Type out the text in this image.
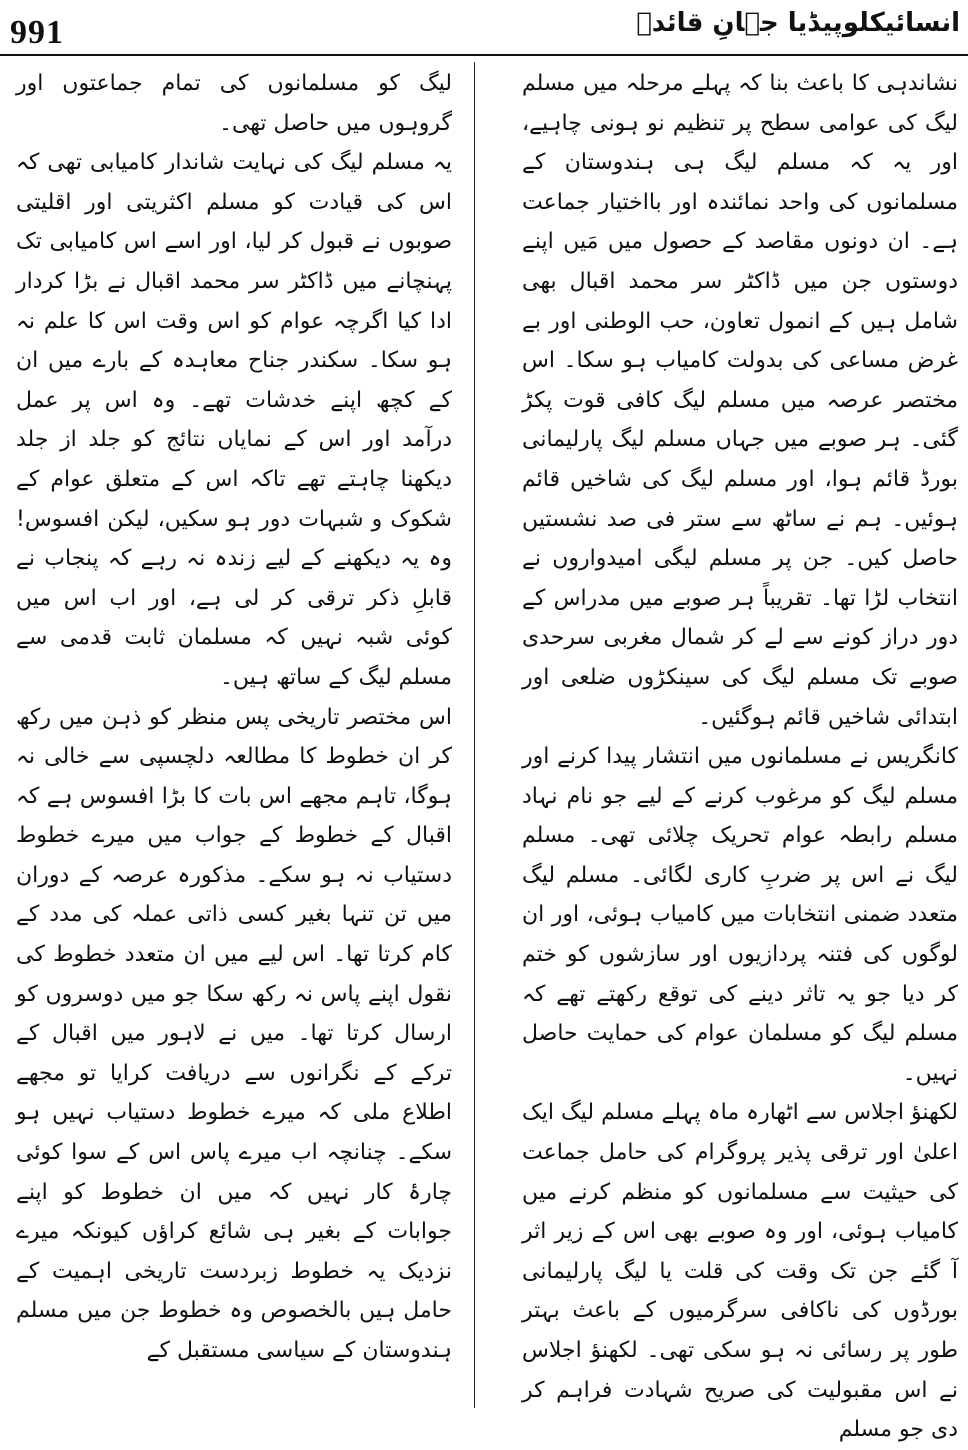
991	انسائیکلوپیڈیا جہانِ قائدؒ

نشاندہی کا باعث بنا کہ پہلے مرحلہ میں مسلم لیگ کی عوامی سطح پر تنظیم نو ہونی چاہیے، اور یہ کہ مسلم لیگ ہی ہندوستان کے مسلمانوں کی واحد نمائندہ اور بااختیار جماعت ہے۔ ان دونوں مقاصد کے حصول میں مَیں اپنے دوستوں جن میں ڈاکٹر سر محمد اقبال بھی شامل ہیں کے انمول تعاون، حب الوطنی اور بے غرض مساعی کی بدولت کامیاب ہو سکا۔ اس مختصر عرصہ میں مسلم لیگ کافی قوت پکڑ گئی۔ ہر صوبے میں جہاں مسلم لیگ پارلیمانی بورڈ قائم ہوا، اور مسلم لیگ کی شاخیں قائم ہوئیں۔ ہم نے ساٹھ سے ستر فی صد نشستیں حاصل کیں۔ جن پر مسلم لیگی امیدواروں نے انتخاب لڑا تھا۔ تقریباً ہر صوبے میں مدراس کے دور دراز کونے سے لے کر شمال مغربی سرحدی صوبے تک مسلم لیگ کی سینکڑوں ضلعی اور ابتدائی شاخیں قائم ہوگئیں۔

کانگریس نے مسلمانوں میں انتشار پیدا کرنے اور مسلم لیگ کو مرغوب کرنے کے لیے جو نام نہاد مسلم رابطہ عوام تحریک چلائی تھی۔ مسلم لیگ نے اس پر ضربِ کاری لگائی۔ مسلم لیگ متعدد ضمنی انتخابات میں کامیاب ہوئی، اور ان لوگوں کی فتنہ پردازیوں اور سازشوں کو ختم کر دیا جو یہ تاثر دینے کی توقع رکھتے تھے کہ مسلم لیگ کو مسلمان عوام کی حمایت حاصل نہیں۔

لکھنؤ اجلاس سے اٹھارہ ماہ پہلے مسلم لیگ ایک اعلیٰ اور ترقی پذیر پروگرام کی حامل جماعت کی حیثیت سے مسلمانوں کو منظم کرنے میں کامیاب ہوئی، اور وہ صوبے بھی اس کے زیر اثر آ گئے جن تک وقت کی قلت یا لیگ پارلیمانی بورڈوں کی ناکافی سرگرمیوں کے باعث بہتر طور پر رسائی نہ ہو سکی تھی۔ لکھنؤ اجلاس نے اس مقبولیت کی صریح شہادت فراہم کر دی جو مسلم

لیگ کو مسلمانوں کی تمام جماعتوں اور گروہوں میں حاصل تھی۔

یہ مسلم لیگ کی نہایت شاندار کامیابی تھی کہ اس کی قیادت کو مسلم اکثریتی اور اقلیتی صوبوں نے قبول کر لیا، اور اسے اس کامیابی تک پہنچانے میں ڈاکٹر سر محمد اقبال نے بڑا کردار ادا کیا اگرچہ عوام کو اس وقت اس کا علم نہ ہو سکا۔ سکندر جناح معاہدہ کے بارے میں ان کے کچھ اپنے خدشات تھے۔ وہ اس پر عمل درآمد اور اس کے نمایاں نتائج کو جلد از جلد دیکھنا چاہتے تھے تاکہ اس کے متعلق عوام کے شکوک و شبہات دور ہو سکیں، لیکن افسوس! وہ یہ دیکھنے کے لیے زندہ نہ رہے کہ پنجاب نے قابلِ ذکر ترقی کر لی ہے، اور اب اس میں کوئی شبہ نہیں کہ مسلمان ثابت قدمی سے مسلم لیگ کے ساتھ ہیں۔

اس مختصر تاریخی پس منظر کو ذہن میں رکھ کر ان خطوط کا مطالعہ دلچسپی سے خالی نہ ہوگا، تاہم مجھے اس بات کا بڑا افسوس ہے کہ اقبال کے خطوط کے جواب میں میرے خطوط دستیاب نہ ہو سکے۔ مذکورہ عرصہ کے دوران میں تن تنہا بغیر کسی ذاتی عملہ کی مدد کے کام کرتا تھا۔ اس لیے میں ان متعدد خطوط کی نقول اپنے پاس نہ رکھ سکا جو میں دوسروں کو ارسال کرتا تھا۔ میں نے لاہور میں اقبال کے ترکے کے نگرانوں سے دریافت کرایا تو مجھے اطلاع ملی کہ میرے خطوط دستیاب نہیں ہو سکے۔ چنانچہ اب میرے پاس اس کے سوا کوئی چارۂ کار نہیں کہ میں ان خطوط کو اپنے جوابات کے بغیر ہی شائع کراؤں کیونکہ میرے نزدیک یہ خطوط زبردست تاریخی اہمیت کے حامل ہیں بالخصوص وہ خطوط جن میں مسلم ہندوستان کے سیاسی مستقبل کے
